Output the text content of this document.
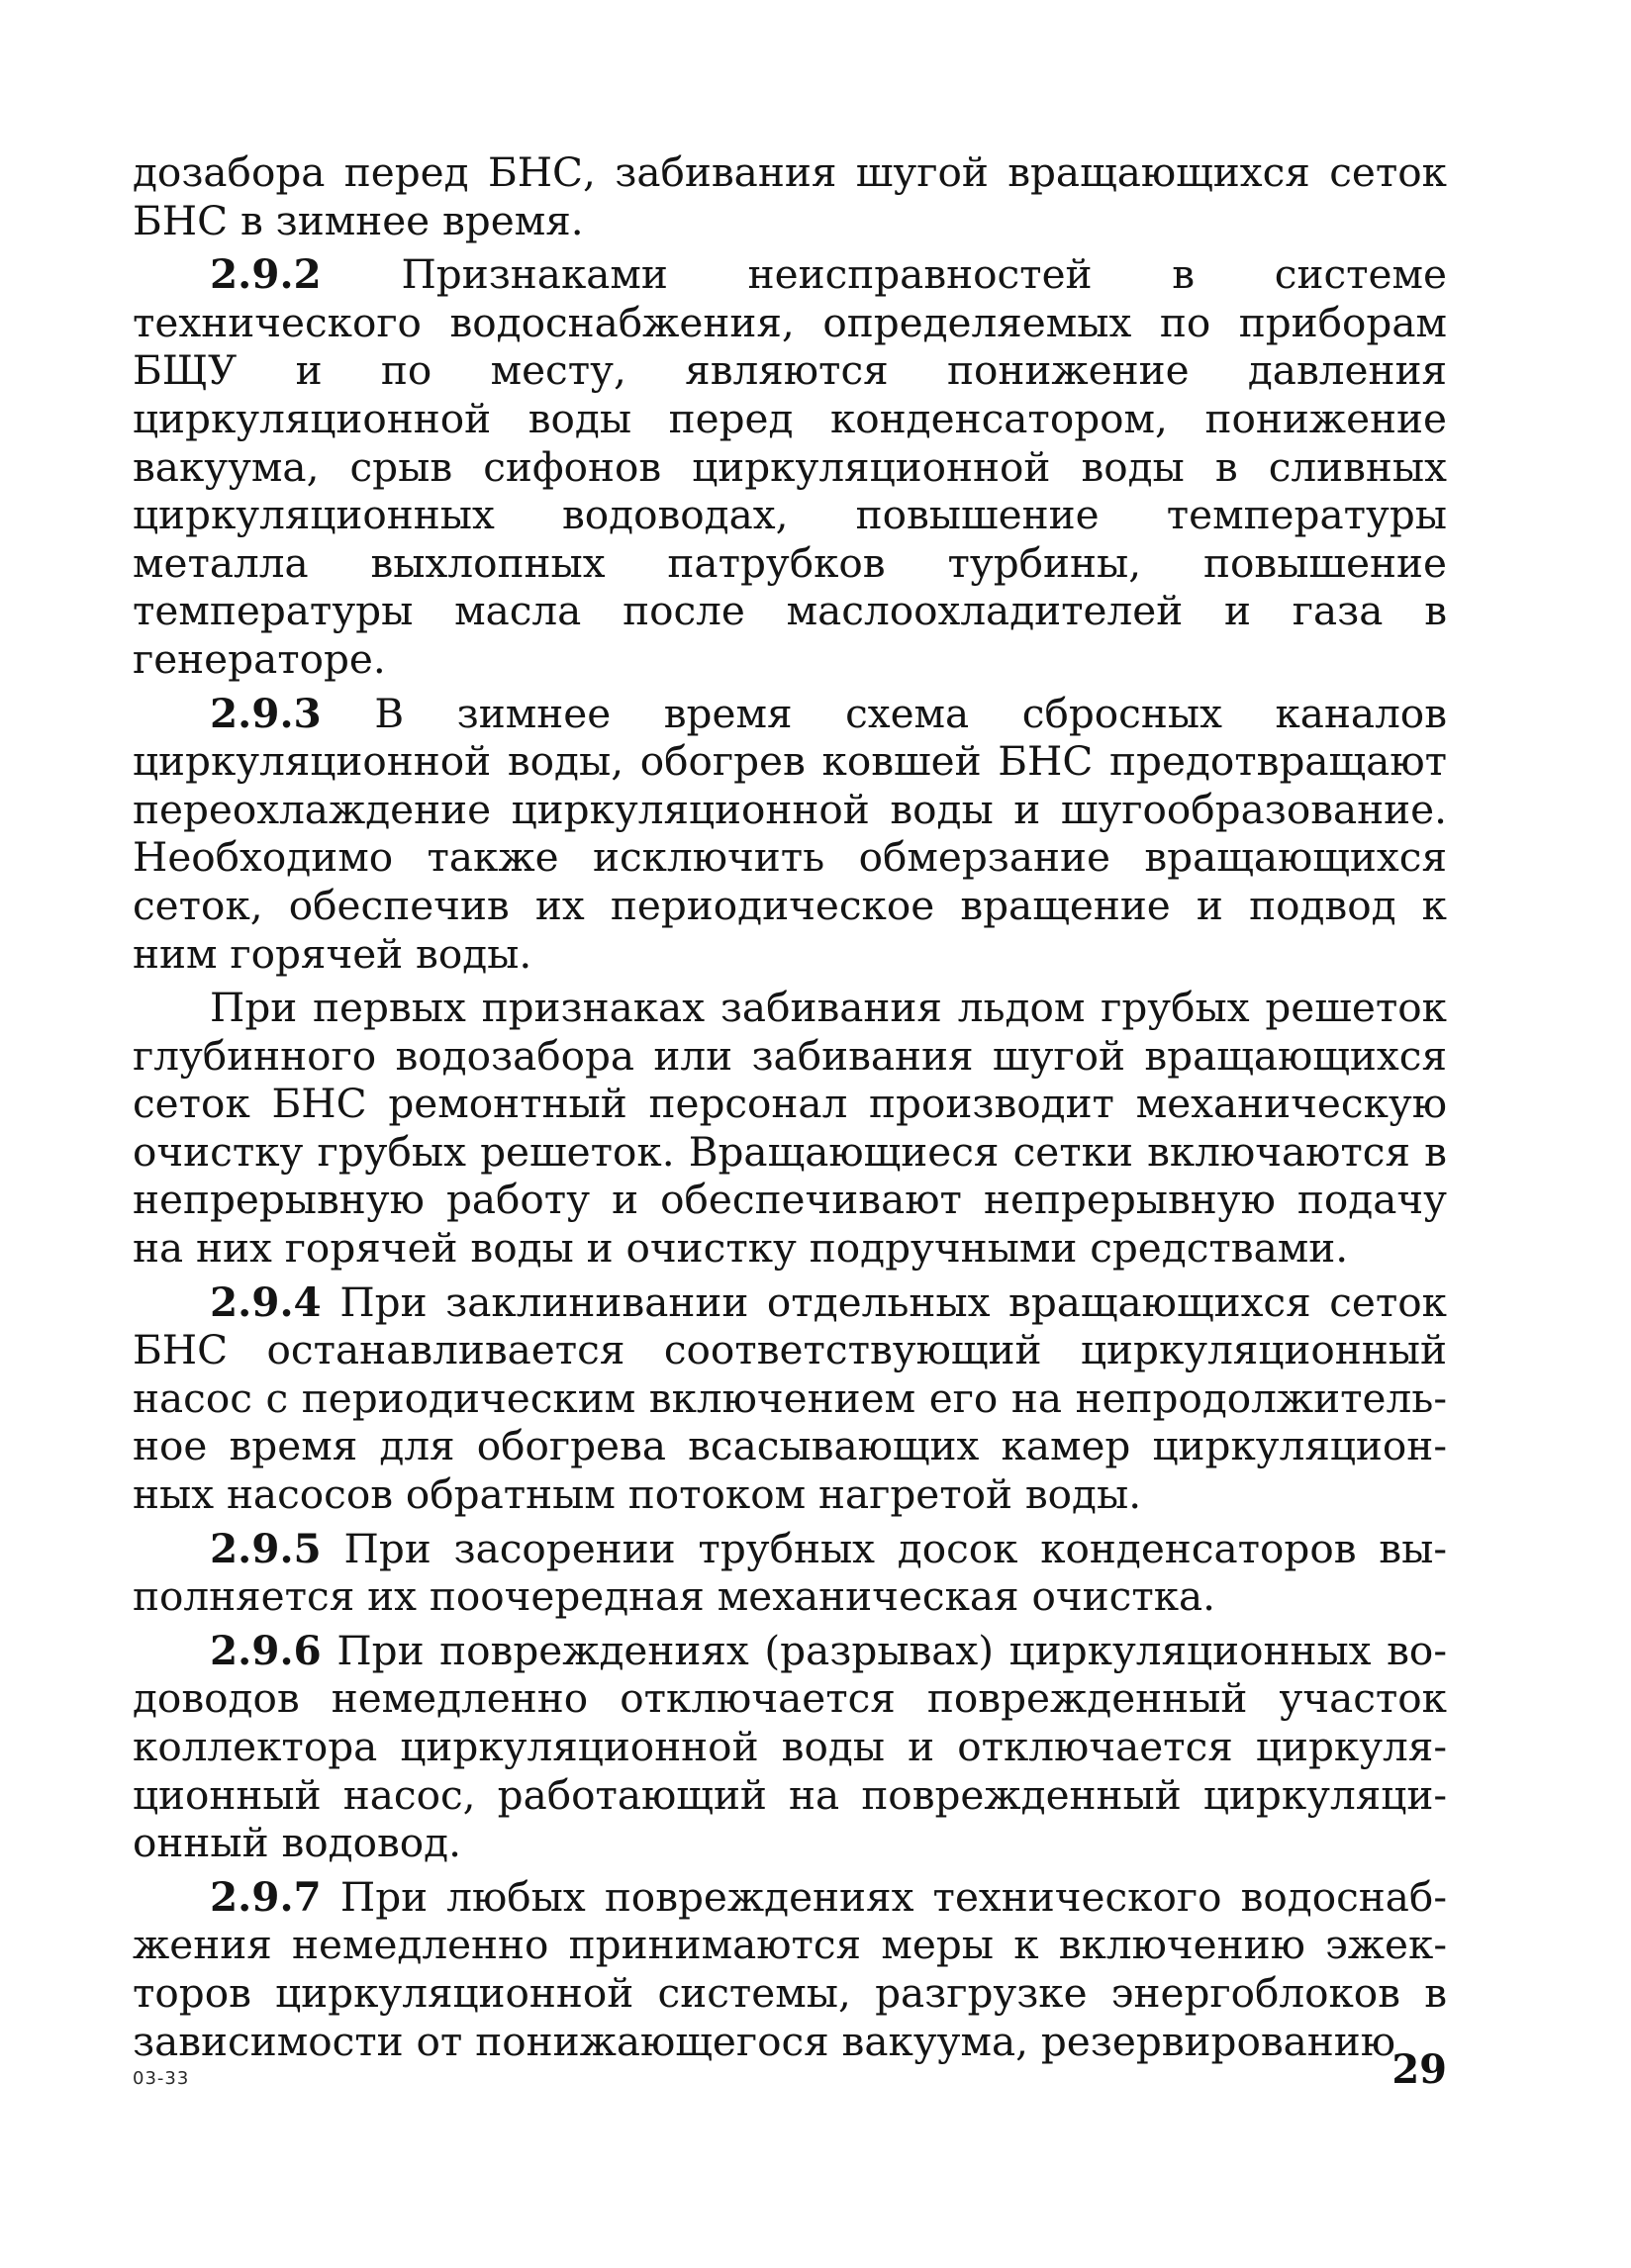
дозабора перед БНС, забивания шугой вращающихся сеток БНС в зимнее время.

2.9.2 Признаками неисправностей в системе технического водоснабжения, определяемых по приборам БЩУ и по месту, являются понижение давления циркуляционной воды перед конденсатором, понижение вакуума, срыв сифонов циркуляционной воды в сливных циркуляционных водоводах, повышение температуры металла выхлопных патрубков турбины, повышение температуры масла после маслоохладителей и газа в генераторе.

2.9.3 В зимнее время схема сбросных каналов циркуляционной воды, обогрев ковшей БНС предотвращают переохлаждение циркуляционной воды и шугообразование. Необходимо также исключить обмерзание вращающихся сеток, обеспечив их периодическое вращение и подвод к ним горячей воды.

При первых признаках забивания льдом грубых решеток глубинного водозабора или забивания шугой вращающихся сеток БНС ремонтный персонал производит механическую очистку грубых решеток. Вращающиеся сетки включаются в непрерывную работу и обеспечивают непрерывную подачу на них горячей воды и очистку подручными средствами.

2.9.4 При заклинивании отдельных вращающихся сеток БНС останавливается соответствующий циркуляционный насос с периодическим включением его на непродолжительное время для обогрева всасывающих камер циркуляционных насосов обратным потоком нагретой воды.

2.9.5 При засорении трубных досок конденсаторов выполняется их поочередная механическая очистка.

2.9.6 При повреждениях (разрывах) циркуляционных водоводов немедленно отключается поврежденный участок коллектора циркуляционной воды и отключается циркуляционный насос, работающий на поврежденный циркуляционный водовод.

2.9.7 При любых повреждениях технического водоснабжения немедленно принимаются меры к включению эжекторов циркуляционной системы, разгрузке энергоблоков в зависимости от понижающегося вакуума, резервированию

03-33	29
